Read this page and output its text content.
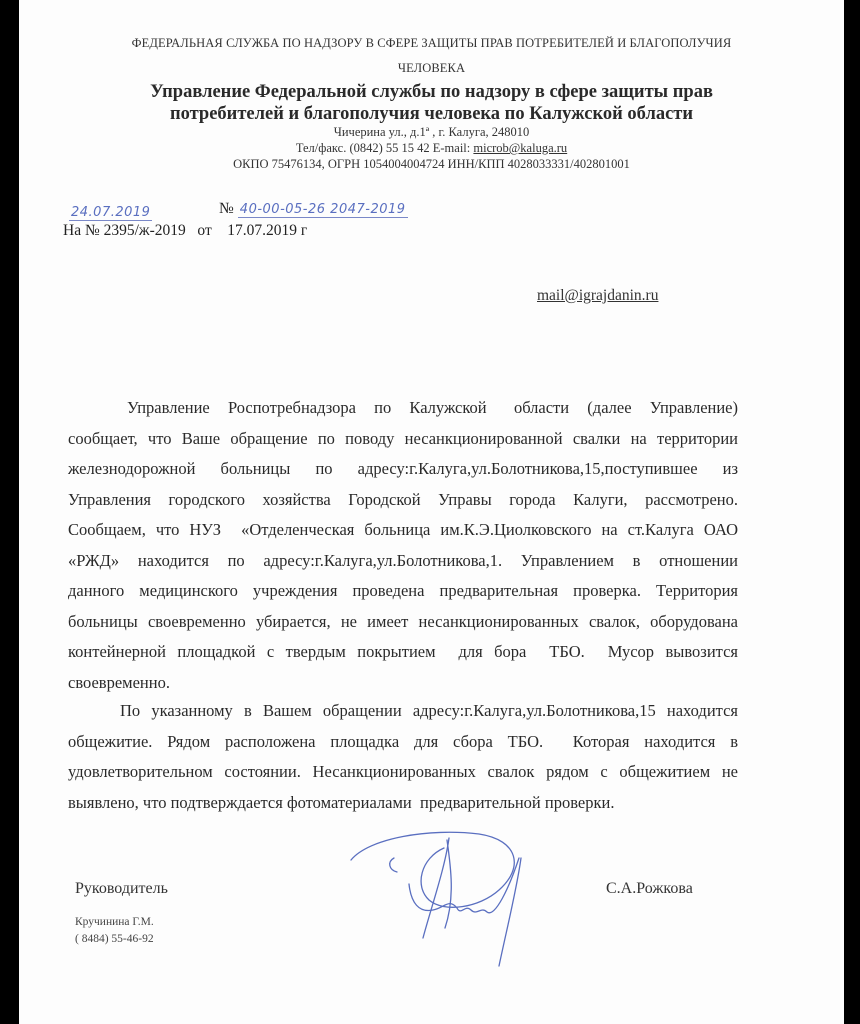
ФЕДЕРАЛЬНАЯ СЛУЖБА ПО НАДЗОРУ В СФЕРЕ ЗАЩИТЫ ПРАВ ПОТРЕБИТЕЛЕЙ И БЛАГОПОЛУЧИЯ
ЧЕЛОВЕКА
Управление Федеральной службы по надзору в сфере защиты прав
потребителей и благополучия человека по Калужской области
Чичерина ул., д.1ª , г. Калуга, 248010
Тел/факс. (0842) 55 15 42 E-mail: microb@kaluga.ru
ОКПО 75476134, ОГРН 1054004004724 ИНН/КПП 4028033331/402801001
24.07.2019	№ 40-00-05-26 2047-2019
На № 2395/ж-2019   от    17.07.2019 г
mail@igrajdanin.ru
Управление  Роспотребнадзора  по  Калужской   области  (далее  Управление)
сообщает, что Ваше обращение по поводу несанкционированной свалки на территории
железнодорожной  больницы  по  адресу:г.Калуга,ул.Болотникова,15,поступившее  из
Управления  городского  хозяйства  Городской  Управы  города  Калуги,  рассмотрено.
Сообщаем, что НУЗ  «Отделенческая больница им.К.Э.Циолковского на ст.Калуга ОАО
«РЖД»  находится  по  адресу:г.Калуга,ул.Болотникова,1.  Управлением  в  отношении
данного медицинского учреждения проведена предварительная проверка. Территория
больницы своевременно убирается, не имеет несанкционированных свалок, оборудована
контейнерной площадкой с твердым покрытием  для бора  ТБО.  Мусор вывозится
своевременно.
По указанному в Вашем обращении адресу:г.Калуга,ул.Болотникова,15 находится
общежитие. Рядом расположена площадка для сбора ТБО.  Которая находится в
удовлетворительном состоянии. Несанкционированных свалок рядом с общежитием не
выявлено, что подтверждается фотоматериалами  предварительной проверки.
Руководитель	С.А.Рожкова
Кручинина Г.М.
( 8484) 55-46-92
